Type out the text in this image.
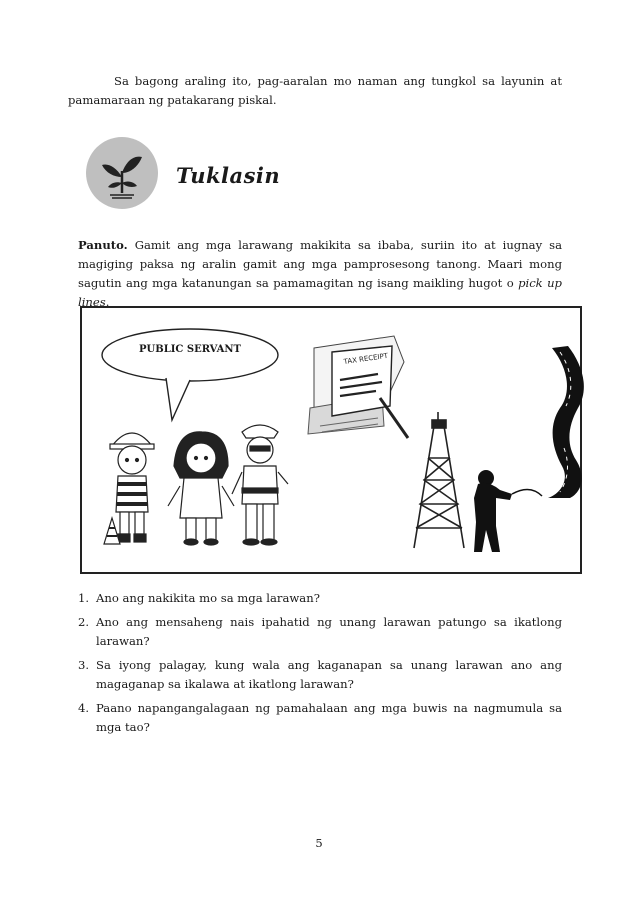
Sa bagong araling ito, pag-aaralan mo naman ang tungkol sa layunin at pamamaraan ng patakarang piskal.

Tuklasin

Panuto. Gamit ang mga larawang makikita sa ibaba, suriin ito at iugnay sa magiging paksa ng aralin gamit ang mga pamprosesong tanong. Maari mong sagutin ang mga katanungan sa pamamagitan ng isang maikling hugot o pick up lines.

TAX RECEIPT
PUBLIC SERVANT
1. Ano ang nakikita mo sa mga larawan?
2. Ano ang mensaheng nais ipahatid ng unang larawan patungo sa ikatlong larawan?
3. Sa iyong palagay, kung wala ang kaganapan sa unang larawan ano ang magaganap sa ikalawa at ikatlong larawan?
4. Paano napangangalagaan ng pamahalaan ang mga buwis na nagmumula sa mga tao?
5
